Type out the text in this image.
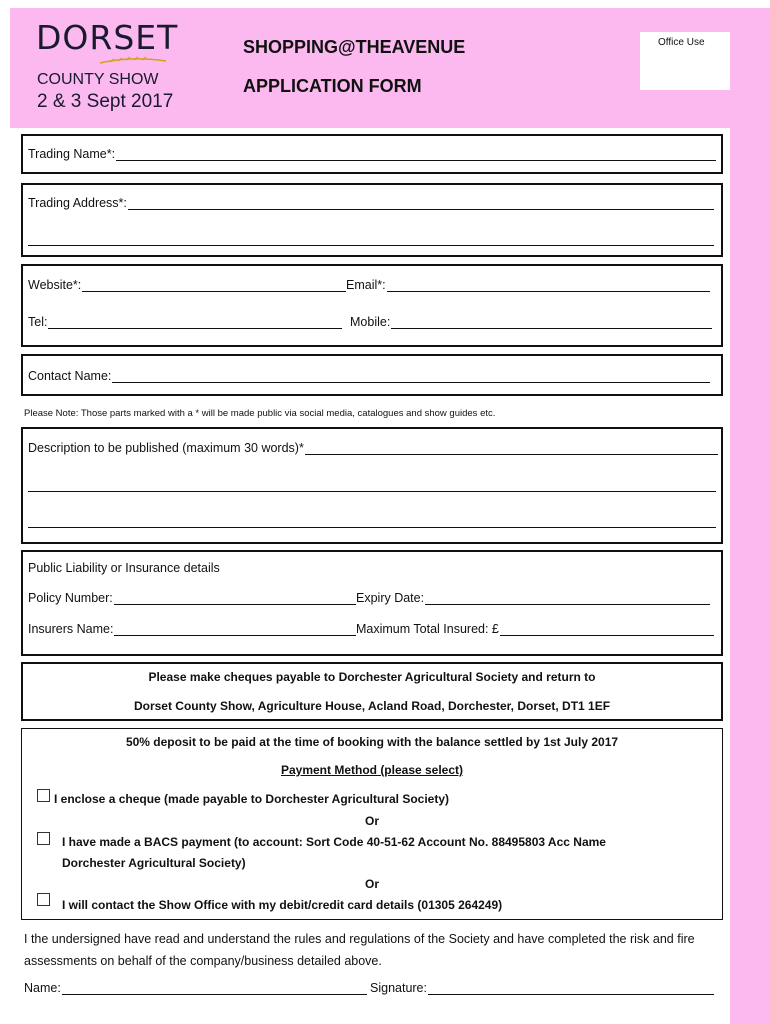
DORSET
COUNTY SHOW
2 & 3 Sept 2017
SHOPPING@THEAVENUE
APPLICATION FORM
Office Use
Trading Name*:
Trading Address*:
Website*:	Email*:
Tel:	Mobile:
Contact Name:
Please Note: Those parts marked with a * will be made public via social media, catalogues and show guides etc.
Description to be published (maximum 30 words)*
Public Liability or Insurance details
Policy Number:	Expiry Date:
Insurers Name:	Maximum Total Insured: £
Please make cheques payable to Dorchester Agricultural Society and return to
Dorset County Show, Agriculture House, Acland Road, Dorchester, Dorset, DT1 1EF
50% deposit to be paid at the time of booking with the balance settled by 1st July 2017
Payment Method (please select)
I enclose a cheque (made payable to Dorchester Agricultural Society)
Or
I have made a BACS payment (to account: Sort Code 40-51-62 Account No. 88495803 Acc Name
Dorchester Agricultural Society)
Or
I will contact the Show Office with my debit/credit card details (01305 264249)
I the undersigned have read and understand the rules and regulations of the Society and have completed the risk and fire assessments on behalf of the company/business detailed above.
Name:	Signature:
